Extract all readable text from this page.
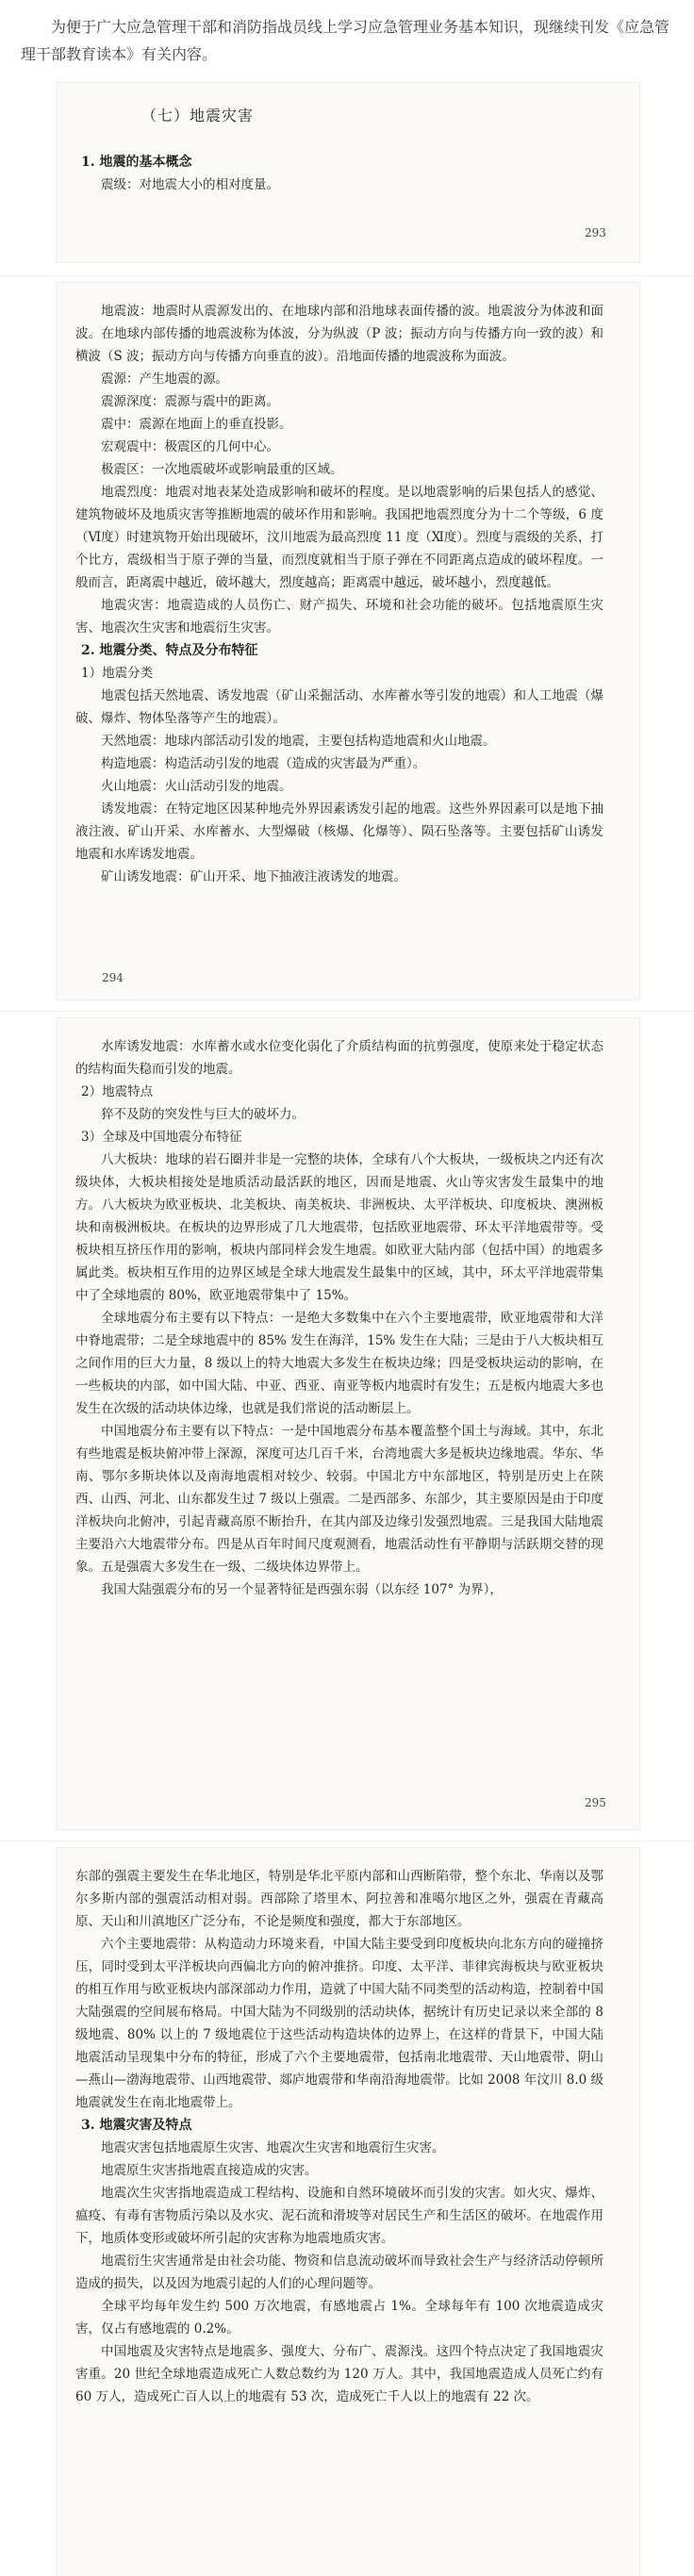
为便于广大应急管理干部和消防指战员线上学习应急管理业务基本知识，现继续刊发《应急管理干部教育读本》有关内容。

（七）地震灾害
1. 地震的基本概念

震级：对地震大小的相对度量。

293

地震波：地震时从震源发出的、在地球内部和沿地球表面传播的波。地震波分为体波和面波。在地球内部传播的地震波称为体波，分为纵波（P 波；振动方向与传播方向一致的波）和横波（S 波；振动方向与传播方向垂直的波）。沿地面传播的地震波称为面波。

震源：产生地震的源。

震源深度：震源与震中的距离。

震中：震源在地面上的垂直投影。

宏观震中：极震区的几何中心。

极震区：一次地震破坏或影响最重的区域。

地震烈度：地震对地表某处造成影响和破坏的程度。是以地震影响的后果包括人的感觉、建筑物破坏及地质灾害等推断地震的破坏作用和影响。我国把地震烈度分为十二个等级，6 度（Ⅵ度）时建筑物开始出现破坏，汶川地震为最高烈度 11 度（Ⅺ度）。烈度与震级的关系，打个比方，震级相当于原子弹的当量，而烈度就相当于原子弹在不同距离点造成的破坏程度。一般而言，距离震中越近，破坏越大，烈度越高；距离震中越远，破坏越小，烈度越低。

地震灾害：地震造成的人员伤亡、财产损失、环境和社会功能的破坏。包括地震原生灾害、地震次生灾害和地震衍生灾害。

2. 地震分类、特点及分布特征
1）地震分类

地震包括天然地震、诱发地震（矿山采掘活动、水库蓄水等引发的地震）和人工地震（爆破、爆炸、物体坠落等产生的地震）。

天然地震：地球内部活动引发的地震，主要包括构造地震和火山地震。

构造地震：构造活动引发的地震（造成的灾害最为严重）。

火山地震：火山活动引发的地震。

诱发地震：在特定地区因某种地壳外界因素诱发引起的地震。这些外界因素可以是地下抽液注液、矿山开采、水库蓄水、大型爆破（核爆、化爆等）、陨石坠落等。主要包括矿山诱发地震和水库诱发地震。

矿山诱发地震：矿山开采、地下抽液注液诱发的地震。

294

水库诱发地震：水库蓄水或水位变化弱化了介质结构面的抗剪强度，使原来处于稳定状态的结构面失稳而引发的地震。

2）地震特点

猝不及防的突发性与巨大的破坏力。

3）全球及中国地震分布特征

八大板块：地球的岩石圈并非是一完整的块体，全球有八个大板块，一级板块之内还有次级块体，大板块相接处是地质活动最活跃的地区，因而是地震、火山等灾害发生最集中的地方。八大板块为欧亚板块、北美板块、南美板块、非洲板块、太平洋板块、印度板块、澳洲板块和南极洲板块。在板块的边界形成了几大地震带，包括欧亚地震带、环太平洋地震带等。受板块相互挤压作用的影响，板块内部同样会发生地震。如欧亚大陆内部（包括中国）的地震多属此类。板块相互作用的边界区域是全球大地震发生最集中的区域，其中，环太平洋地震带集中了全球地震的 80%，欧亚地震带集中了 15%。

全球地震分布主要有以下特点：一是绝大多数集中在六个主要地震带，欧亚地震带和大洋中脊地震带；二是全球地震中的 85% 发生在海洋，15% 发生在大陆；三是由于八大板块相互之间作用的巨大力量，8 级以上的特大地震大多发生在板块边缘；四是受板块运动的影响，在一些板块的内部，如中国大陆、中亚、西亚、南亚等板内地震时有发生；五是板内地震大多也发生在次级的活动块体边缘，也就是我们常说的活动断层上。

中国地震分布主要有以下特点：一是中国地震分布基本覆盖整个国土与海域。其中，东北有些地震是板块俯冲带上深源，深度可达几百千米，台湾地震大多是板块边缘地震。华东、华南、鄂尔多斯块体以及南海地震相对较少、较弱。中国北方中东部地区，特别是历史上在陕西、山西、河北、山东都发生过 7 级以上强震。二是西部多、东部少，其主要原因是由于印度洋板块向北俯冲，引起青藏高原不断抬升，在其内部及边缘引发强烈地震。三是我国大陆地震主要沿六大地震带分布。四是从百年时间尺度观测看，地震活动性有平静期与活跃期交替的现象。五是强震大多发生在一级、二级块体边界带上。

我国大陆强震分布的另一个显著特征是西强东弱（以东经 107° 为界），

295

东部的强震主要发生在华北地区，特别是华北平原内部和山西断陷带，整个东北、华南以及鄂尔多斯内部的强震活动相对弱。西部除了塔里木、阿拉善和准噶尔地区之外，强震在青藏高原、天山和川滇地区广泛分布，不论是频度和强度，都大于东部地区。

六个主要地震带：从构造动力环境来看，中国大陆主要受到印度板块向北东方向的碰撞挤压，同时受到太平洋板块向西偏北方向的俯冲推挤。印度、太平洋、菲律宾海板块与欧亚板块的相互作用与欧亚板块内部深部动力作用，造就了中国大陆不同类型的活动构造，控制着中国大陆强震的空间展布格局。中国大陆为不同级别的活动块体，据统计有历史记录以来全部的 8 级地震、80% 以上的 7 级地震位于这些活动构造块体的边界上，在这样的背景下，中国大陆地震活动呈现集中分布的特征，形成了六个主要地震带，包括南北地震带、天山地震带、阴山—燕山—渤海地震带、山西地震带、郯庐地震带和华南沿海地震带。比如 2008 年汶川 8.0 级地震就发生在南北地震带上。

3. 地震灾害及特点

地震灾害包括地震原生灾害、地震次生灾害和地震衍生灾害。

地震原生灾害指地震直接造成的灾害。

地震次生灾害指地震造成工程结构、设施和自然环境破坏而引发的灾害。如火灾、爆炸、瘟疫、有毒有害物质污染以及水灾、泥石流和滑坡等对居民生产和生活区的破坏。在地震作用下，地质体变形或破坏所引起的灾害称为地震地质灾害。

地震衍生灾害通常是由社会功能、物资和信息流动破坏而导致社会生产与经济活动停顿所造成的损失，以及因为地震引起的人们的心理问题等。

全球平均每年发生约 500 万次地震，有感地震占 1%。全球每年有 100 次地震造成灾害，仅占有感地震的 0.2%。

中国地震及灾害特点是地震多、强度大、分布广、震源浅。这四个特点决定了我国地震灾害重。20 世纪全球地震造成死亡人数总数约为 120 万人。其中，我国地震造成人员死亡约有 60 万人，造成死亡百人以上的地震有 53 次，造成死亡千人以上的地震有 22 次。
